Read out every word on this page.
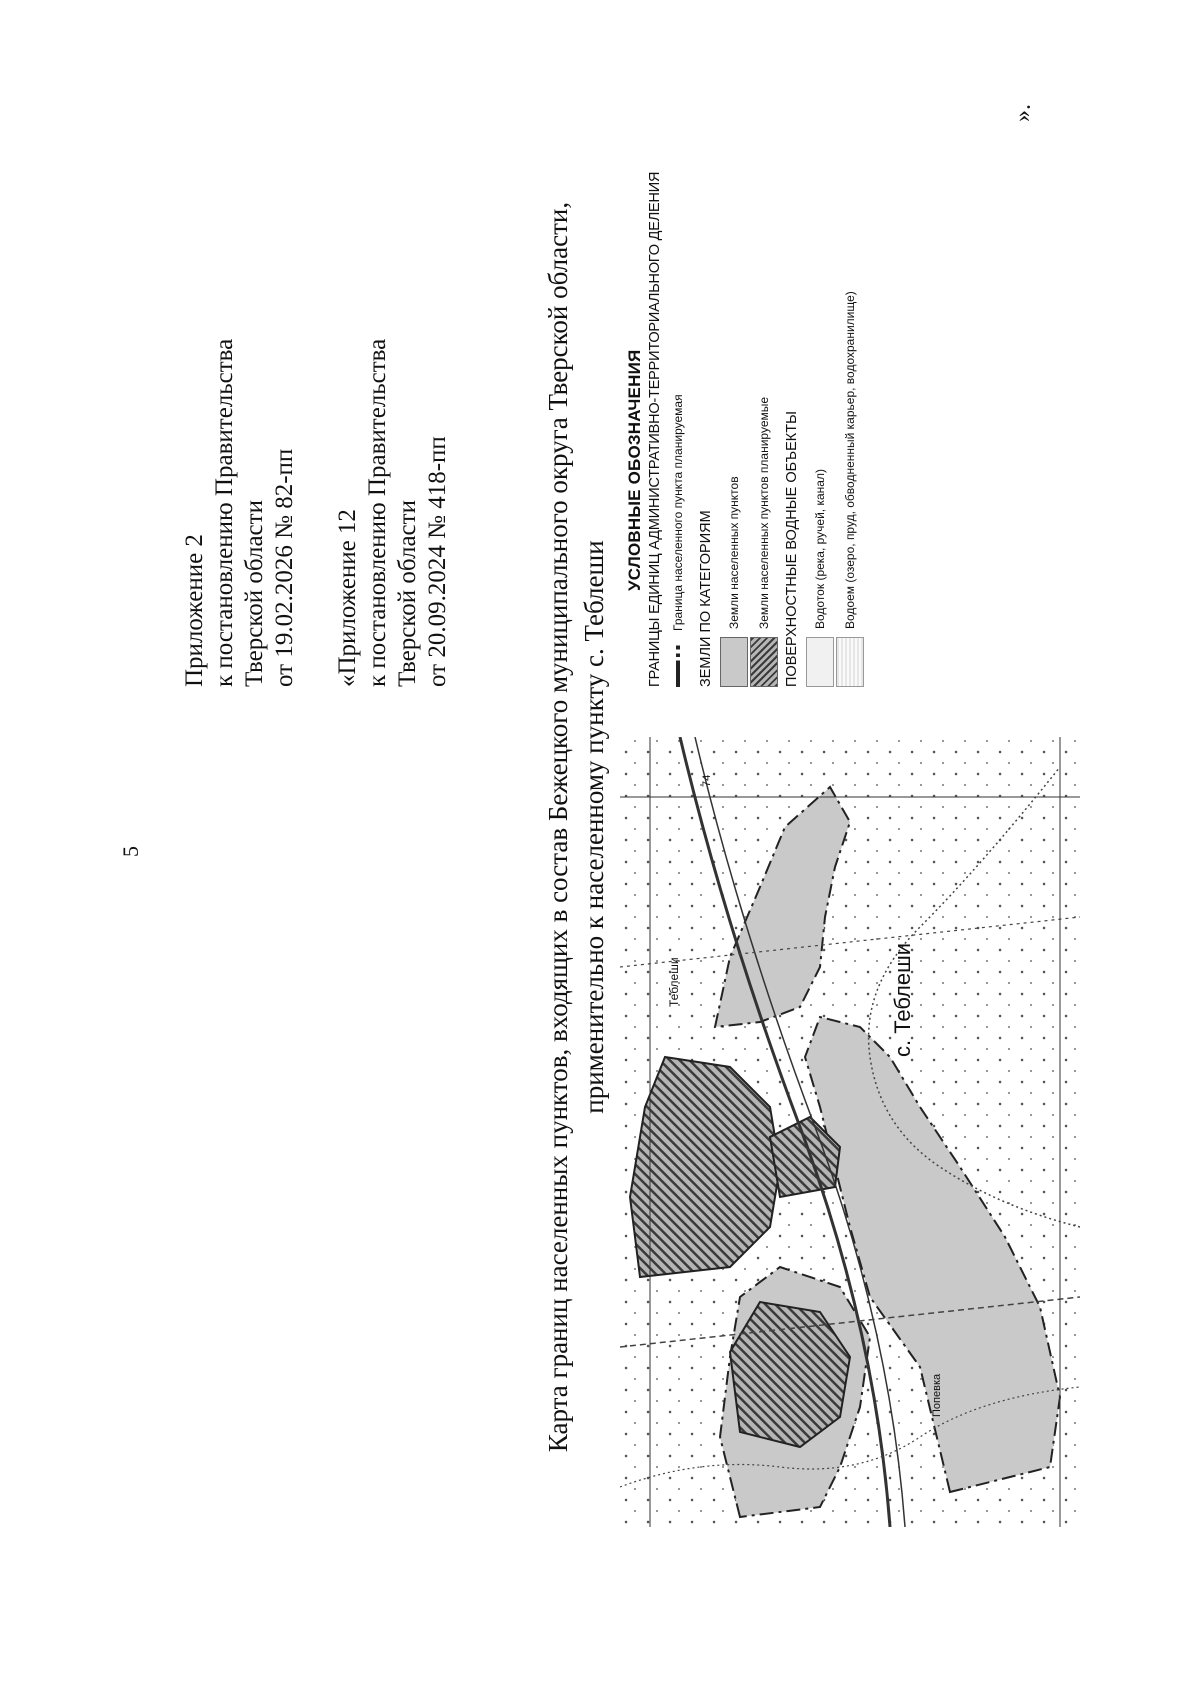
5
Приложение 2 к постановлению Правительства Тверской области от 19.02.2026 № 82-пп «Приложение 12 к постановлению Правительства Тверской области от 20.09.2024 № 418-пп	Карта границ населенных пунктов, входящих в состав Бежецкого муниципального округа Тверской области, применительно к населенному пункту с. Теблеши	с. Теблеши
Теблеши
Попевка
74
УСЛОВНЫЕ ОБОЗНАЧЕНИЯ ГРАНИЦЫ ЕДИНИЦ АДМИНИСТРАТИВНО-ТЕРРИТОРИАЛЬНОГО ДЕЛЕНИЯ Граница населенного пункта планируемая ЗЕМЛИ ПО КАТЕГОРИЯМ	Земли населенных пунктов Земли населенных пунктов планируемые ПОВЕРХНОСТНЫЕ ВОДНЫЕ ОБЪЕКТЫ	Водоток (река, ручей, канал) Водоем (озеро, пруд, обводненный карьер, водохранилище)
».
